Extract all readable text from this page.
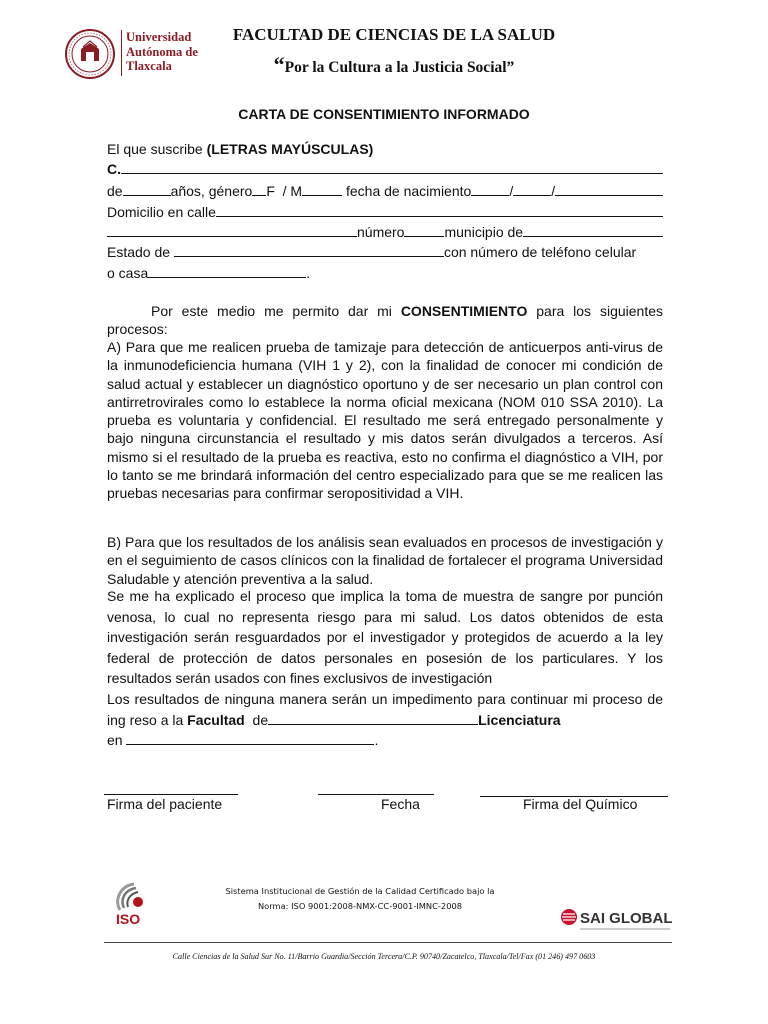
Universidad
Autónoma de
Tlaxcala
FACULTAD DE CIENCIAS DE LA SALUD
“Por la Cultura a la Justicia Social”
CARTA DE CONSENTIMIENTO INFORMADO
El que suscribe (LETRAS MAYÚSCULAS)
C.
de	años, género F
/ M
	fecha de nacimiento	/	/
Domicilio en calle
número	municipio de
Estado de	con número de teléfono celular
o casa	.
Por este medio me permito dar mi CONSENTIMIENTO para los siguientes procesos:
A) Para que me realicen prueba de tamizaje para detección de anticuerpos anti-virus de la inmunodeficiencia humana (VIH 1 y 2), con la finalidad de conocer mi condición de salud actual y establecer un diagnóstico oportuno y de ser necesario un plan control con antirretrovirales como lo establece la norma oficial mexicana (NOM 010 SSA 2010). La prueba es voluntaria y confidencial. El resultado me será entregado personalmente y bajo ninguna circunstancia el resultado y mis datos serán divulgados a terceros. Así mismo si el resultado de la prueba es reactiva, esto no confirma el diagnóstico a VIH, por lo tanto se me brindará información del centro especializado para que se me realicen las pruebas necesarias para confirmar seropositividad a VIH.
B) Para que los resultados de los análisis sean evaluados en procesos de investigación y en el seguimiento de casos clínicos con la finalidad de fortalecer el programa Universidad Saludable y atención preventiva a la salud.
Se me ha explicado el proceso que implica la toma de muestra de sangre por punción venosa, lo cual no representa riesgo para mi salud. Los datos obtenidos de esta investigación serán resguardados por el investigador y protegidos de acuerdo a la ley federal de protección de datos personales en posesión de los particulares. Y los resultados serán usados con fines exclusivos de investigación
Los resultados de ninguna manera serán un impedimento para continuar mi proceso de ing reso a la Facultad  de	Licenciatura
en	.
Firma del paciente	Fecha	Firma del Químico
ISO
Sistema Institucional de Gestión de la Calidad Certificado bajo la
Norma: ISO 9001:2008-NMX-CC-9001-IMNC-2008
SAI GLOBAL
Calle Ciencias de la Salud Sur No. 11/Barrio Guardia/Sección Tercera/C.P. 90740/Zacatelco, Tlaxcala/Tel/Fax (01 246) 497 0603
